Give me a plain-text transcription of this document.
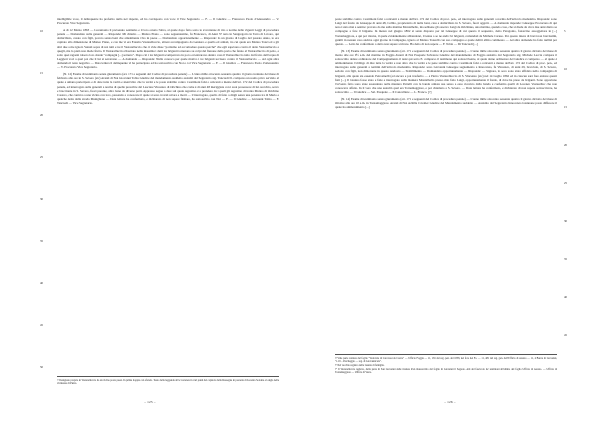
10
15
20
25
30
35
40
45
50

intelligibile voce, il delinquente ha proferito nulla nel rispetto, ed ha corrisposto con voce il Vice Segretario — F. — Il Giudice — Francesco Paolo d'Alessandro — V. Procurato Vice Segretario.

A dì 12 Marzo 1863 — Lucantonio il prevenuto sentiamo e il loro ornato l'altra, al quale dopo fatto sotto le avvertenze di rito a norma delle vigenti Leggi di procedura penale — Domandato sulle generali — Risponde: Mi chiamo — Matteo Piano — sono seguentesimo, fu Francesco, di Anni 37 nato in Sangregorio in Terra di Lavoro, qui domiciliato, casato con figli, povero senza beni che attualmente vivo in paese — Domandato opportunamente — Risponde: Io un giorno di Luglio del passato Anno, io era capitato alla dimensione di Matteo Piano, e con me vi era Erasmo Vastarelluccio, altresì accompagnato da Gennaro e quello ed armati, tra cui quale era Matteo Tozzi ed a gli altri due a me ignoti. Venuti sopra di noi tutti e tre il Vastarelluccio che ci vide disse "portiamo ad accomodare questa perché" che egli sapevano contro il detto Vastarelluccio e quegli, ma la pietà non diede frutto. Il Vastarelluccio rilasciato nella massima i detti tre briganti tornarono su colpi del fienone della porta che fanno al Vastarelluccio di petto, e sotto quei ragazzi tolsero loro donde "compagni [...] sotterre". Dopo ciò i tre briganti scomparvero in poco ed entrarono dentro casa il Vastarelluccio tutto dal fratro dell'acqua di Leggieri voci a quel poi che il lui si serravano — A domanda — Risponde: Nulla conosco per quale motivo i tre briganti uccisero contro il Vastarelluccio — Ad ogni altra domanda il testo negativo — Data lettura il delinquente vi ha partecipato ed ha sottoscritto con Noi e col Vice Segretario — F. — Il Giudice — Francesco Paolo d'Alessandro — V. Procurato Vice Segretario.

(N. 12) Esame di testimonio senza giuramento (art. 171 e seguenti del Codice di procedura penale) — L'anno mille ottocento sessanta quattro il giorno trentuno del mese di febbraio alle ore in S. Severo (sic) Avanti di Noi Giovanni Tobia Giudice del mandamento suddetto assistiti dal Segretario sig. Tancredi D. comparso un uomo privo servizio al quale a umana partecipato e di dare tutta la verità e nient'altro che la verità e le poste stabilite contro i testimoni falsi o reticenti a mente dell'art. 172 del Codice di procedura penale, ed interrogato sulle generali a norma di quelle prescritte dal Lasciare Vincenzo di Orichino che come è di anni 48 meriggiate con i suoi possessore di lui orecchio, servo e bracciante in S. Severo, fuori parente, altro bene da diverse parti. Appresso segue a dare sul quale Agostino è a prendere da i quali gli Agostino di trenta Matteo di Orichino Castoro, che contava a una vicina con loro, passando a conoscere il quale si sono trovati un'ora e morti — L'interrogato, quello di fatto a dirgli senza una potenza tra di Mario e qualche detta dalla strada Maniglione — Data lettura ha confermato, e dichiarato di non sapere firmare, ha sottoscritto con Noi — F. — Il Giudice — Giovanni Tobia — F. Tancredi — Vice Segretario.

³⁷ Designato proprio in Vastarelluccio da un vicino posto paesi. In prima doppia con sfondo. Testo della leggenda all'occorrenza in vari punti del capitolo della Rassegna in posteria di Lucenta Soloma e Luigia nelle vicinanze di Pietra.

– 125 –
5
10
15
20
25
30
35
40
45

poste stabilite contro i testimoni falsi o reticenti a mente dell'art. 172 del Codice di proc. pen., ed interrogato sulle generali a norma dell'articolo medesimo. Risponde: sono Luigi del fondo da Giuseppe di anni 48, Cellito, proprietario di nulla beni, casa e domiciliato in S. Severo, fuori oggetti. — A domanda risponde: Giuseppe Procucano di qui non è stato mai a sentire: provato da me sulla mattina Montalbello, ma sebbene gli osservo Luigi da Orichinus, una mattina, quando cosa, che si diede da circa due anni dietro se compagno a fare il brigante. In mezzo nel giugno 1862 si sento disporre per tal Giuseppe di cui questo il sequestro, detto Patagonio, fonarcino assoggettare in [...] Tornamaggiore, e qui poi ritorna, il quale evidentemente abbandonò, il tenne a se ne andò ivi briganti, comandati da Michele Caruso. Per questo intera di brevi non brevissimi, gentili in nessun caso andava ogni giorno in Campagna, ignoto al Matteo Tozzelli con suo compagno e quale delitti abbia commesso — Ad altre domande ha fatto nullità per questo. — Letto ha confermato a detto non sapere scrivere. Ha detto di non sapere — F. Tobia — Di Tancredi [...]

(N. 13) Esame di testimonio senza giuramento (art. 171 e seguenti del Codice di procedura penale) — L'anno mille ottocento sessanta quattro il giorno diciotto del mese di marzo alle ore 9½ a.m. del mattino in Foggia Avanti di Noi Pasquale Salvatore Giudice del mandamento di Foggia assistito dal Segretario sig. Michele Leccia compare il sottoscritto delere ordinatore del Campagnamento il testè qui sotto E. comparso il testimone qui sottoscrivente, al quale darne ordinatore del Giudice è comparso — al quale è ammonimento l'obbligo di dire tutta la verità e non altro che la verità e le pene stabilite contro i testimoni falsi o reticenti a mente dell'art. 172 del Codice di proc. pen., ed interrogato sulle generali a termini dell'articolo medesimo. Risponde: sono Giovanni Giuseppe segnamento a Innocenzo, fu Vincenzo, di anni 29, bracciale, di S. Severo, sedotto con figli, non dimorante in questo Andosio — Stabilimento — Domandato opportunamente — Risponde: — Signore, lo seco sono stato affidato nella compagnia di briganti, alla quale sta essendo Petrosinelli (ed ancora e poi trasferito — a Pietro Vastarelluccio di S. Vincenzo (sic) nel 14 Luglio 1862 ed in ciascun sarà fare entrare questi fatti [...]. Il Gianno fosse stato e fatte e interrogato sulla maniera Montalbello presso mio fatto Luigi, opportunamente il fondo, di dove ha preso da briganti. Sono opportuno l'avvento fatto sono state assassinato nella maniera Petrelli con la banda armata sua senso a esso ricevuto dalla banda e conferma quelli di Lorenzo Vastarelluc che non conosceva affatto. In il vero che una autorità qual era Tornamaggiore, e poi chiamato a S. Severo. — Data lettura ha confermato, e dichiarato di non sapere sottoscrivere, ha sottoscritto — Il Giudice — Sal. Pasquale — Il Cancelliere — L. Franco. [?]

(N. 14) Esame di testimonio senza giuramento (art. 171 e seguenti del Codice di procedura penale) — L'anno mille ottocento sessanta quattro il giorno diciotto del mese di Ottobre alle ore 10 a.m. in Tornamaggiore. Avanti di Noi Achille Cavalier Giudice del Mandamento suddetto — Assistito dal Segretario Innocenzo Giannone posto diffusore il quale ha ammonimento [...]

³⁸ Vide parte ventura del foglio "Vedovale di Carovascola Castro" — Ufficio Foggia — 11, 181 del reg. pen. del 1858, nel foro dei Fo. — 11, 481 del reg. gen. dell'Ufficio di Arezzo — 11, 4 Banca di Giovanni, "1.19 – Parcheggio — reg. di Giovannicala".

³⁹ Nel vecchio registro della Giunta di famiglia.

⁴⁰ Il Vastarelluccio registro, della parte di San Giovanni delle tirature d'un manoscritto dal foglio di Giovanni il Segreto. Atti del fascicolo de' testimoni all'ultimo del foglio Ufficio di Arezzo. — Ufficio di Tornamaggiore — Ufficio di Vasto.

– 126 –
